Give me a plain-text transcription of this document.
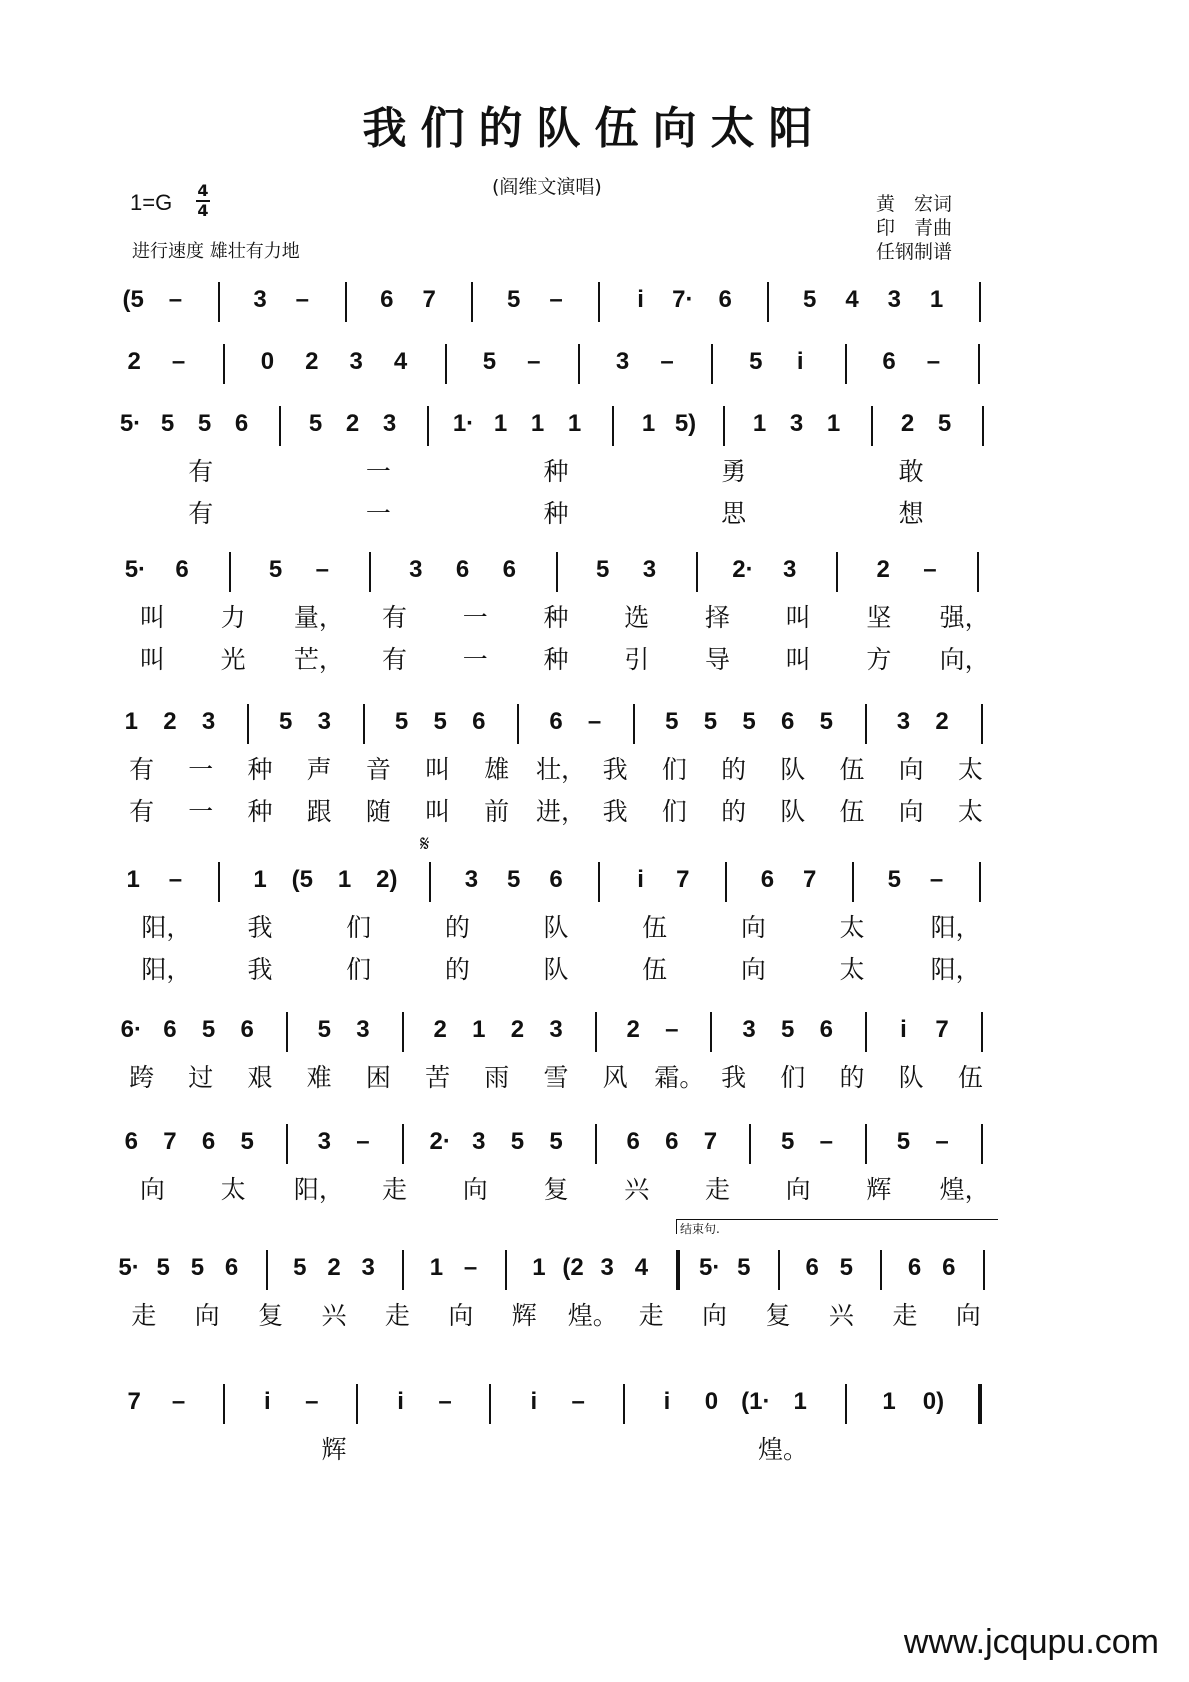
我们的队伍向太阳
(阎维文演唱)
1=G 4
4
进行速度 雄壮有力地
黄　宏词
印　青曲
任钢制谱
(5	–	3	–	6	7	5	–	i	7·	6	5	4	3	1
2	–	0	2	3	4	5	–	3	–	5	i	6	–
5· 5 5 6	5 2 3	1· 1 1 1	1 5)	1 3 1	2 5
有	一	种	勇	敢
有	一	种	思	想
5·	6	5	–	3	6	6	5	3	2·	3	2	–
叫	力	量， 有	一	种	选	择	叫	坚	强，
叫	光	芒， 有	一	种	引	导	叫	方	向，
1	2	3	5	3	5	5	6	6	–	5	5	5	6	5	3	2
有	一	种	声	音	叫	雄	壮， 我	们	的	队	伍	向	太
有	一	种	跟	随	叫	前	进， 我	们	的	队	伍	向	太
1	–	1	(5	1	2)	3	5	6	i	7	6	7	5	–
阳， 我	们	的	队	伍	向	太	阳，
阳， 我	们	的	队	伍	向	太	阳，
6· 6	5	6	5	3	2	1	2	3	2	–	3	5	6	i	7
跨	过	艰	难	困	苦	雨	雪	风	霜。 我	们	的	队	伍
6	7	6	5	3	–	2· 3	5	5	6	6	7	5	–	5	–
向	太	阳， 走	向	复	兴	走	向	辉	煌，
5· 5 5 6	5 2 3	1 –	1 (2 3 4	5· 5	6 5	6 6
走	向	复	兴	走	向	辉	煌。 走	向	复	兴	走	向
7	–	i	–	i	–	i	–	i	0 (1· 1	1	0)
辉	煌。
结束句.
𝄋
www.jcqupu.com
